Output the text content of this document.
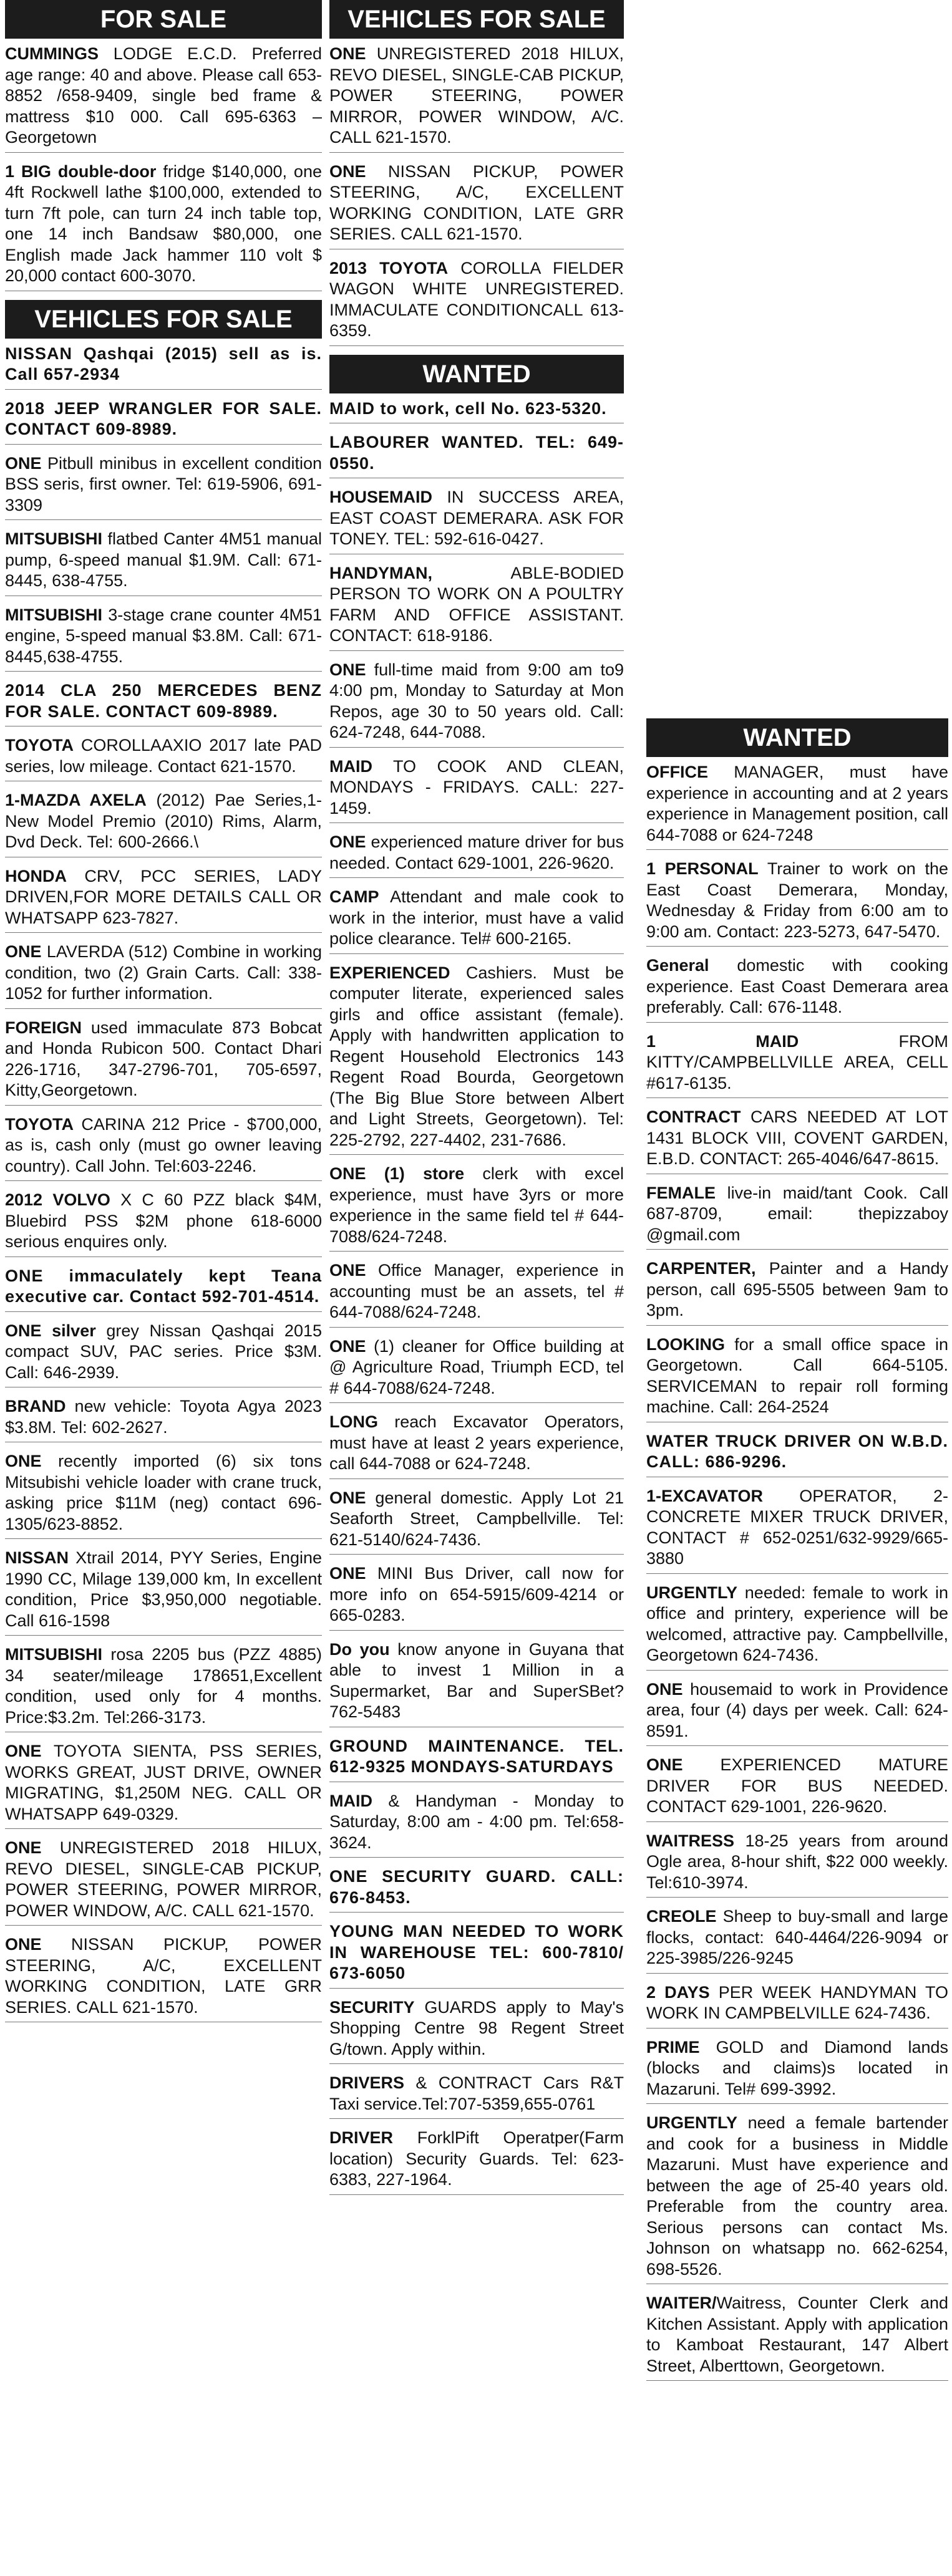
FOR SALE

CUMMINGS LODGE E.C.D. Preferred age range: 40 and above. Please call 653-8852 /658-9409, single bed frame & mattress $10 000. Call 695-6363 – Georgetown

1 BIG double-door fridge $140,000, one 4ft Rockwell lathe $100,000, extended to turn 7ft pole, can turn 24 inch table top, one 14 inch Bandsaw $80,000, one English made Jack hammer 110 volt $ 20,000 contact 600-3070.

VEHICLES FOR SALE

NISSAN Qashqai (2015) sell as is. Call 657-2934

2018 JEEP WRANGLER FOR SALE. CONTACT 609-8989.

ONE Pitbull minibus in excellent condition BSS seris, first owner. Tel: 619-5906, 691-3309

MITSUBISHI flatbed Canter 4M51 manual pump, 6-speed manual $1.9M. Call: 671-8445, 638-4755.

MITSUBISHI 3-stage crane counter 4M51 engine, 5-speed manual $3.8M. Call: 671-8445,638-4755.

2014 CLA 250 MERCEDES BENZ FOR SALE. CONTACT 609-8989.

TOYOTA COROLLAAXIO 2017 late PAD series, low mileage. Contact 621-1570.

1-MAZDA AXELA (2012) Pae Series,1- New Model Premio (2010) Rims, Alarm, Dvd Deck. Tel: 600-2666.\

HONDA CRV, PCC SERIES, LADY DRIVEN,FOR MORE DETAILS CALL OR WHATSAPP 623-7827.

ONE LAVERDA (512) Combine in working condition, two (2) Grain Carts. Call: 338-1052 for further information.

FOREIGN used immaculate 873 Bobcat and Honda Rubicon 500. Contact Dhari 226-1716, 347-2796-701, 705-6597, Kitty,Georgetown.

TOYOTA CARINA 212 Price - $700,000, as is, cash only (must go owner leaving country). Call John. Tel:603-2246.

2012 VOLVO X C 60 PZZ black $4M, Bluebird PSS $2M phone 618-6000 serious enquires only.

ONE immaculately kept Teana executive car. Contact 592-701-4514.

ONE silver grey Nissan Qashqai 2015 compact SUV, PAC series. Price $3M. Call: 646-2939.

BRAND new vehicle: Toyota Agya 2023 $3.8M. Tel: 602-2627.

ONE recently imported (6) six tons Mitsubishi vehicle loader with crane truck, asking price $11M (neg) contact 696-1305/623-8852.

NISSAN Xtrail 2014, PYY Series, Engine 1990 CC, Milage 139,000 km, In excellent condition, Price $3,950,000 negotiable. Call 616-1598

MITSUBISHI rosa 2205 bus (PZZ 4885) 34 seater/mileage 178651,Excellent condition, used only for 4 months. Price:$3.2m. Tel:266-3173.

ONE TOYOTA SIENTA, PSS SERIES, WORKS GREAT, JUST DRIVE, OWNER MIGRATING, $1,250M NEG. CALL OR WHATSAPP 649-0329.

ONE UNREGISTERED 2018 HILUX, REVO DIESEL, SINGLE-CAB PICKUP, POWER STEERING, POWER MIRROR, POWER WINDOW, A/C. CALL 621-1570.

ONE NISSAN PICKUP, POWER STEERING, A/C, EXCELLENT WORKING CONDITION, LATE GRR SERIES. CALL 621-1570.

VEHICLES FOR SALE

ONE UNREGISTERED 2018 HILUX, REVO DIESEL, SINGLE-CAB PICKUP, POWER STEERING, POWER MIRROR, POWER WINDOW, A/C. CALL 621-1570.

ONE NISSAN PICKUP, POWER STEERING, A/C, EXCELLENT WORKING CONDITION, LATE GRR SERIES. CALL 621-1570.

2013 TOYOTA COROLLA FIELDER WAGON WHITE UNREGISTERED. IMMACULATE CONDITIONCALL 613-6359.

WANTED

MAID to work, cell No. 623-5320.

LABOURER WANTED. TEL: 649-0550.

HOUSEMAID IN SUCCESS AREA, EAST COAST DEMERARA. ASK FOR TONEY. TEL: 592-616-0427.

HANDYMAN, ABLE-BODIED PERSON TO WORK ON A POULTRY FARM AND OFFICE ASSISTANT. CONTACT: 618-9186.

ONE full-time maid from 9:00 am to9 4:00 pm, Monday to Saturday at Mon Repos, age 30 to 50 years old. Call: 624-7248, 644-7088.

MAID TO COOK AND CLEAN, MONDAYS - FRIDAYS. CALL: 227-1459.

ONE experienced mature driver for bus needed. Contact 629-1001, 226-9620.

CAMP Attendant and male cook to work in the interior, must have a valid police clearance. Tel# 600-2165.

EXPERIENCED Cashiers. Must be computer literate, experienced sales girls and office assistant (female). Apply with handwritten application to Regent Household Electronics 143 Regent Road Bourda, Georgetown (The Big Blue Store between Albert and Light Streets, Georgetown). Tel: 225-2792, 227-4402, 231-7686.

ONE (1) store clerk with excel experience, must have 3yrs or more experience in the same field tel # 644-7088/624-7248.

ONE Office Manager, experience in accounting must be an assets, tel # 644-7088/624-7248.

ONE (1) cleaner for Office building at @ Agriculture Road, Triumph ECD, tel # 644-7088/624-7248.

LONG reach Excavator Operators, must have at least 2 years experience, call 644-7088 or 624-7248.

ONE general domestic. Apply Lot 21 Seaforth Street, Campbellville. Tel: 621-5140/624-7436.

ONE MINI Bus Driver, call now for more info on 654-5915/609-4214 or 665-0283.

Do you know anyone in Guyana that able to invest 1 Million in a Supermarket, Bar and SuperSBet? 762-5483

GROUND MAINTENANCE. TEL. 612-9325 MONDAYS-SATURDAYS

MAID & Handyman - Monday to Saturday, 8:00 am - 4:00 pm. Tel:658-3624.

ONE SECURITY GUARD. CALL: 676-8453.

YOUNG MAN NEEDED TO WORK IN WAREHOUSE TEL: 600-7810/ 673-6050

SECURITY GUARDS apply to May's Shopping Centre 98 Regent Street G/town. Apply within.

DRIVERS & CONTRACT Cars R&T Taxi service.Tel:707-5359,655-0761

DRIVER ForklPift Operatper(Farm location) Security Guards. Tel: 623-6383, 227-1964.

WANTED

OFFICE MANAGER, must have experience in accounting and at 2 years experience in Management position, call 644-7088 or 624-7248

1 PERSONAL Trainer to work on the East Coast Demerara, Monday, Wednesday & Friday from 6:00 am to 9:00 am. Contact: 223-5273, 647-5470.

General domestic with cooking experience. East Coast Demerara area preferably. Call: 676-1148.

1 MAID FROM KITTY/CAMPBELLVILLE AREA, CELL #617-6135.

CONTRACT CARS NEEDED AT LOT 1431 BLOCK VIII, COVENT GARDEN, E.B.D. CONTACT: 265-4046/647-8615.

FEMALE live-in maid/tant Cook. Call 687-8709, email: thepizzaboy @gmail.com

CARPENTER, Painter and a Handy person, call 695-5505 between 9am to 3pm.

LOOKING for a small office space in Georgetown. Call 664-5105. SERVICEMAN to repair roll forming machine. Call: 264-2524

WATER TRUCK DRIVER ON W.B.D. CALL: 686-9296.

1-EXCAVATOR OPERATOR, 2- CONCRETE MIXER TRUCK DRIVER, CONTACT # 652-0251/632-9929/665-3880

URGENTLY needed: female to work in office and printery, experience will be welcomed, attractive pay. Campbellville, Georgetown 624-7436.

ONE housemaid to work in Providence area, four (4) days per week. Call: 624-8591.

ONE EXPERIENCED MATURE DRIVER FOR BUS NEEDED. CONTACT 629-1001, 226-9620.

WAITRESS 18-25 years from around Ogle area, 8-hour shift, $22 000 weekly. Tel:610-3974.

CREOLE Sheep to buy-small and large flocks, contact: 640-4464/226-9094 or 225-3985/226-9245

2 DAYS PER WEEK HANDYMAN TO WORK IN CAMPBELVILLE 624-7436.

PRIME GOLD and Diamond lands (blocks and claims)s located in Mazaruni. Tel# 699-3992.

URGENTLY need a female bartender and cook for a business in Middle Mazaruni. Must have experience and between the age of 25-40 years old. Preferable from the country area. Serious persons can contact Ms. Johnson on whatsapp no. 662-6254, 698-5526.

WAITER/Waitress, Counter Clerk and Kitchen Assistant. Apply with application to Kamboat Restaurant, 147 Albert Street, Alberttown, Georgetown.
